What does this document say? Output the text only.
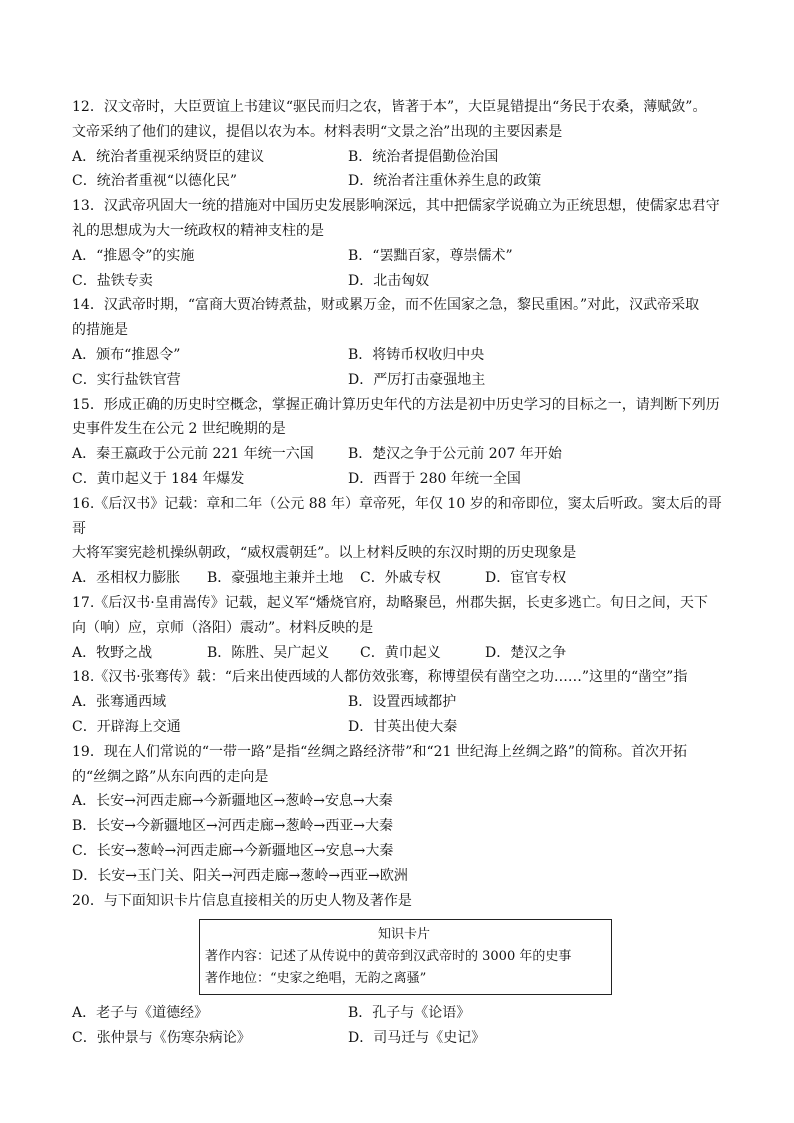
12．汉文帝时，大臣贾谊上书建议“驱民而归之农，皆著于本”，大臣晁错提出“务民于农桑，薄赋敛”。
文帝采纳了他们的建议，提倡以农为本。材料表明“文景之治”出现的主要因素是
A．统治者重视采纳贤臣的建议	B．统治者提倡勤俭治国
C．统治者重视“以德化民”	D．统治者注重休养生息的政策
13．汉武帝巩固大一统的措施对中国历史发展影响深远，其中把儒家学说确立为正统思想，使儒家忠君守
礼的思想成为大一统政权的精神支柱的是
A．“推恩令”的实施	B．“罢黜百家，尊崇儒术”
C．盐铁专卖	D．北击匈奴
14．汉武帝时期，“富商大贾冶铸煮盐，财或累万金，而不佐国家之急，黎民重困。”对此，汉武帝采取
的措施是
A．颁布“推恩令”	B．将铸币权收归中央
C．实行盐铁官营	D．严厉打击豪强地主
15．形成正确的历史时空概念，掌握正确计算历史年代的方法是初中历史学习的目标之一，请判断下列历
史事件发生在公元 2 世纪晚期的是
A．秦王嬴政于公元前 221 年统一六国	B．楚汉之争于公元前 207 年开始
C．黄巾起义于 184 年爆发	D．西晋于 280 年统一全国
16.《后汉书》记载：章和二年（公元 88 年）章帝死，年仅 10 岁的和帝即位，窦太后听政。窦太后的哥哥
大将军窦宪趁机操纵朝政，“威权震朝廷”。以上材料反映的东汉时期的历史现象是
A．丞相权力膨胀	B．豪强地主兼并土地	C．外戚专权	D．宦官专权
17.《后汉书·皇甫嵩传》记载，起义军“燔烧官府，劫略聚邑，州郡失据，长吏多逃亡。旬日之间，天下
向（响）应，京师（洛阳）震动”。材料反映的是
A．牧野之战	B．陈胜、吴广起义	C．黄巾起义	D．楚汉之争
18.《汉书·张骞传》载：“后来出使西域的人都仿效张骞，称博望侯有凿空之功……”这里的“凿空”指
A．张骞通西域	B．设置西域都护
C．开辟海上交通	D．甘英出使大秦
19．现在人们常说的“一带一路”是指“丝绸之路经济带”和“21 世纪海上丝绸之路”的简称。首次开拓
的“丝绸之路”从东向西的走向是
A．长安→河西走廊→今新疆地区→葱岭→安息→大秦
B．长安→今新疆地区→河西走廊→葱岭→西亚→大秦
C．长安→葱岭→河西走廊→今新疆地区→安息→大秦
D．长安→玉门关、阳关→河西走廊→葱岭→西亚→欧洲
20．与下面知识卡片信息直接相关的历史人物及著作是
知识卡片
著作内容：记述了从传说中的黄帝到汉武帝时的 3000 年的史事
著作地位：“史家之绝唱，无韵之离骚”
A．老子与《道德经》	B．孔子与《论语》
C．张仲景与《伤寒杂病论》	D．司马迁与《史记》
